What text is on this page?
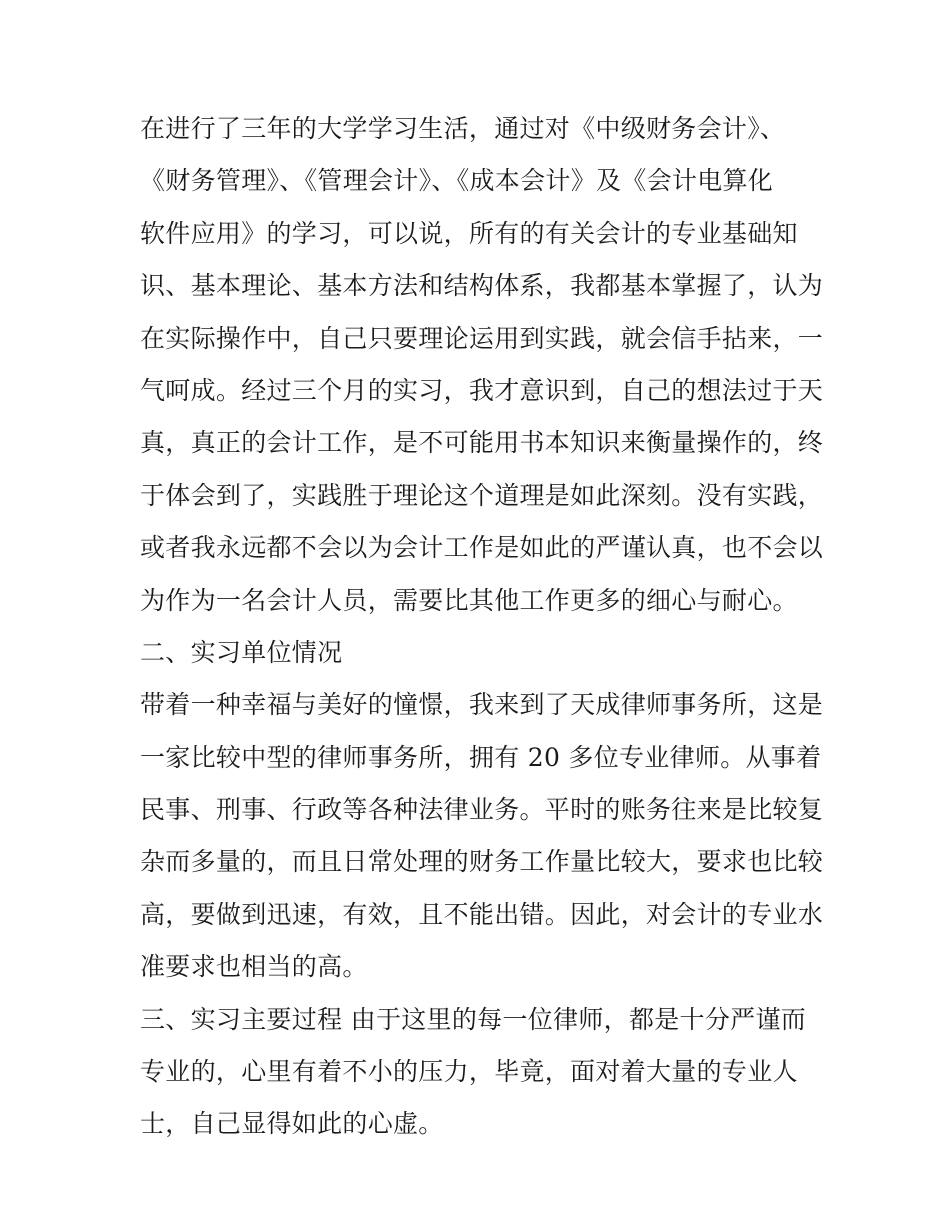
在进行了三年的大学学习生活，通过对《中级财务会计》、
《财务管理》、《管理会计》、《成本会计》及《会计电算化
软件应用》的学习，可以说，所有的有关会计的专业基础知
识、基本理论、基本方法和结构体系，我都基本掌握了，认为
在实际操作中，自己只要理论运用到实践，就会信手拈来，一
气呵成。经过三个月的实习，我才意识到，自己的想法过于天
真，真正的会计工作，是不可能用书本知识来衡量操作的，终
于体会到了，实践胜于理论这个道理是如此深刻。没有实践，
或者我永远都不会以为会计工作是如此的严谨认真，也不会以
为作为一名会计人员，需要比其他工作更多的细心与耐心。
二、实习单位情况
带着一种幸福与美好的憧憬，我来到了天成律师事务所，这是
一家比较中型的律师事务所，拥有 20 多位专业律师。从事着
民事、刑事、行政等各种法律业务。平时的账务往来是比较复
杂而多量的，而且日常处理的财务工作量比较大，要求也比较
高，要做到迅速，有效，且不能出错。因此，对会计的专业水
准要求也相当的高。
三、实习主要过程 由于这里的每一位律师，都是十分严谨而
专业的，心里有着不小的压力，毕竟，面对着大量的专业人
士，自己显得如此的心虚。
